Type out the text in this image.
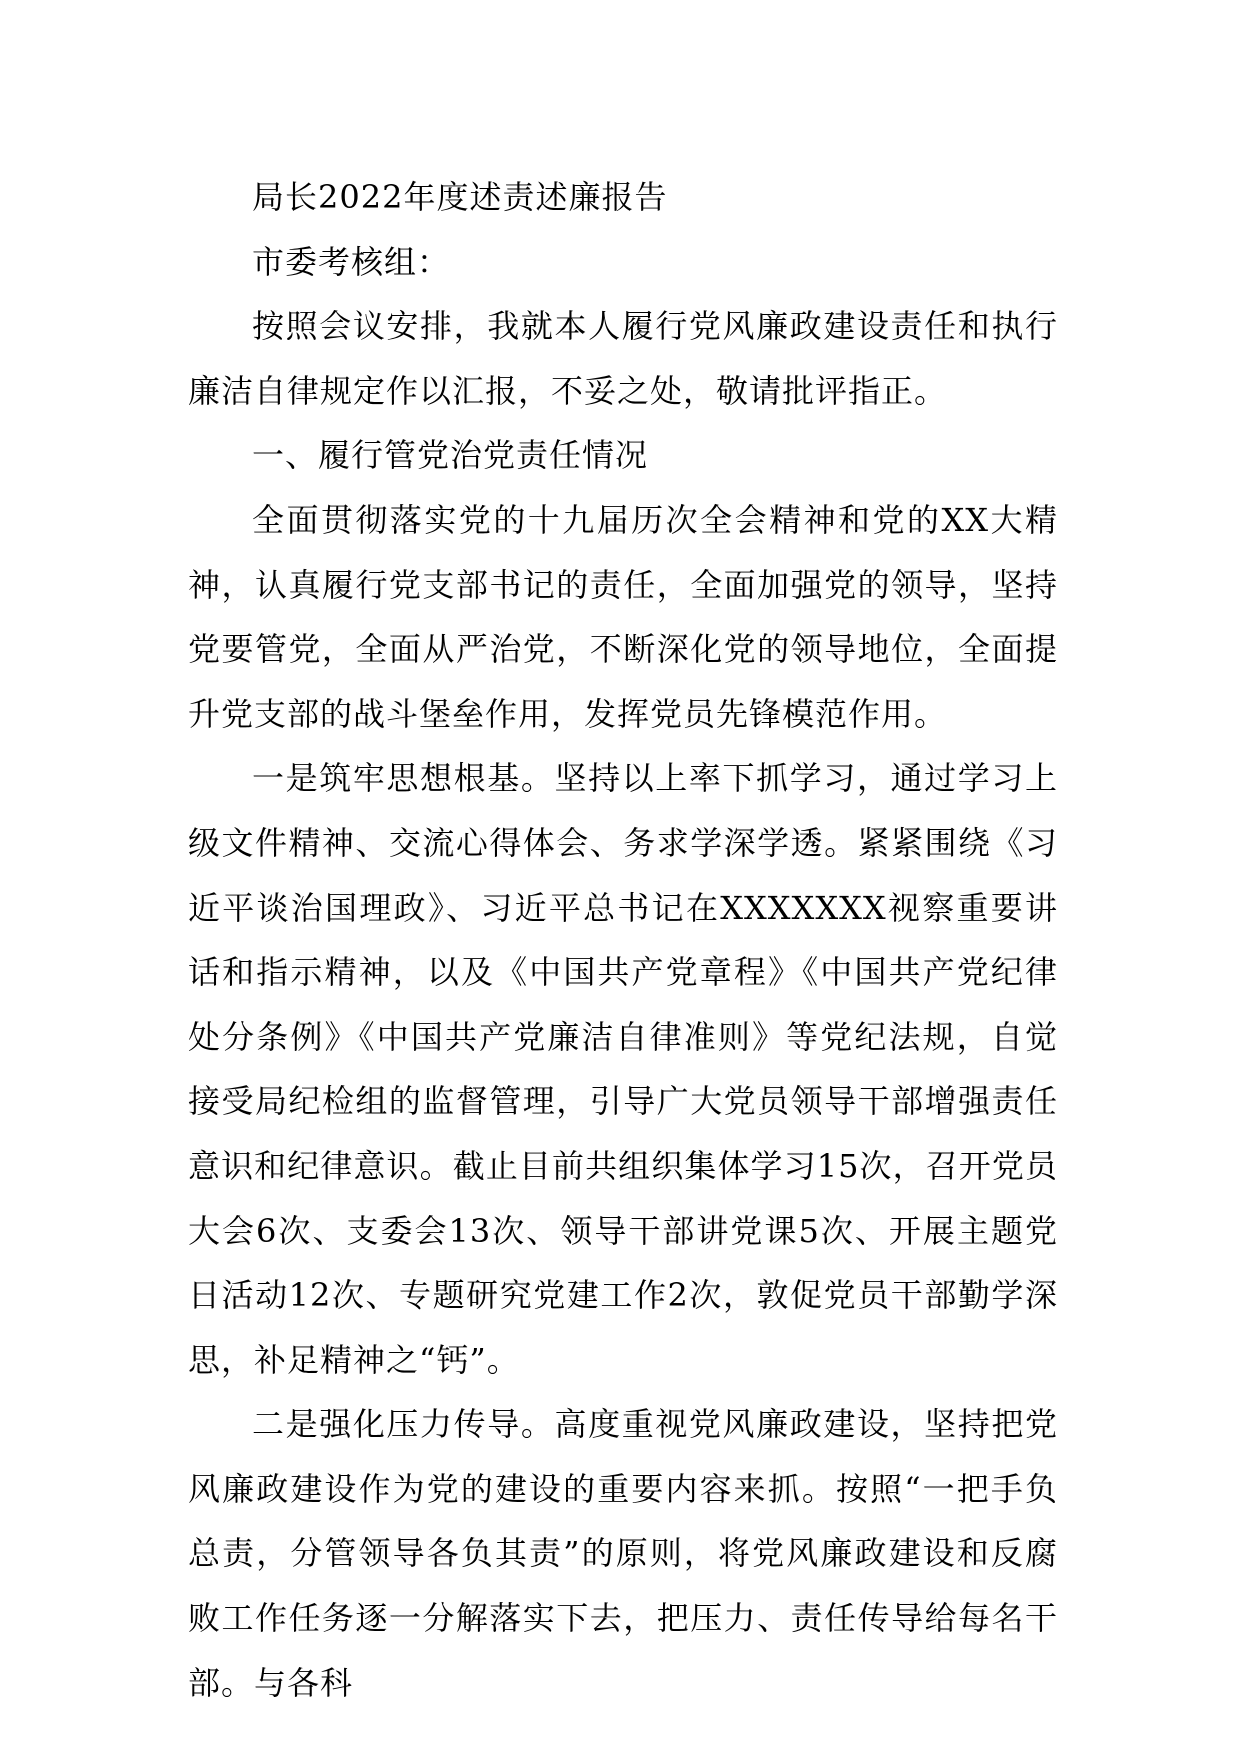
局长2022年度述责述廉报告

市委考核组：

按照会议安排，我就本人履行党风廉政建设责任和执行廉洁自律规定作以汇报，不妥之处，敬请批评指正。

一、履行管党治党责任情况

全面贯彻落实党的十九届历次全会精神和党的XX大精神，认真履行党支部书记的责任，全面加强党的领导，坚持党要管党，全面从严治党，不断深化党的领导地位，全面提升党支部的战斗堡垒作用，发挥党员先锋模范作用。

一是筑牢思想根基。坚持以上率下抓学习，通过学习上级文件精神、交流心得体会、务求学深学透。紧紧围绕《习近平谈治国理政》、习近平总书记在XXXXXXX视察重要讲话和指示精神，以及《中国共产党章程》《中国共产党纪律处分条例》《中国共产党廉洁自律准则》等党纪法规，自觉接受局纪检组的监督管理，引导广大党员领导干部增强责任意识和纪律意识。截止目前共组织集体学习15次，召开党员大会6次、支委会13次、领导干部讲党课5次、开展主题党日活动12次、专题研究党建工作2次，敦促党员干部勤学深思，补足精神之“钙”。

二是强化压力传导。高度重视党风廉政建设，坚持把党风廉政建设作为党的建设的重要内容来抓。按照“一把手负总责，分管领导各负其责”的原则，将党风廉政建设和反腐败工作任务逐一分解落实下去，把压力、责任传导给每名干部。与各科
